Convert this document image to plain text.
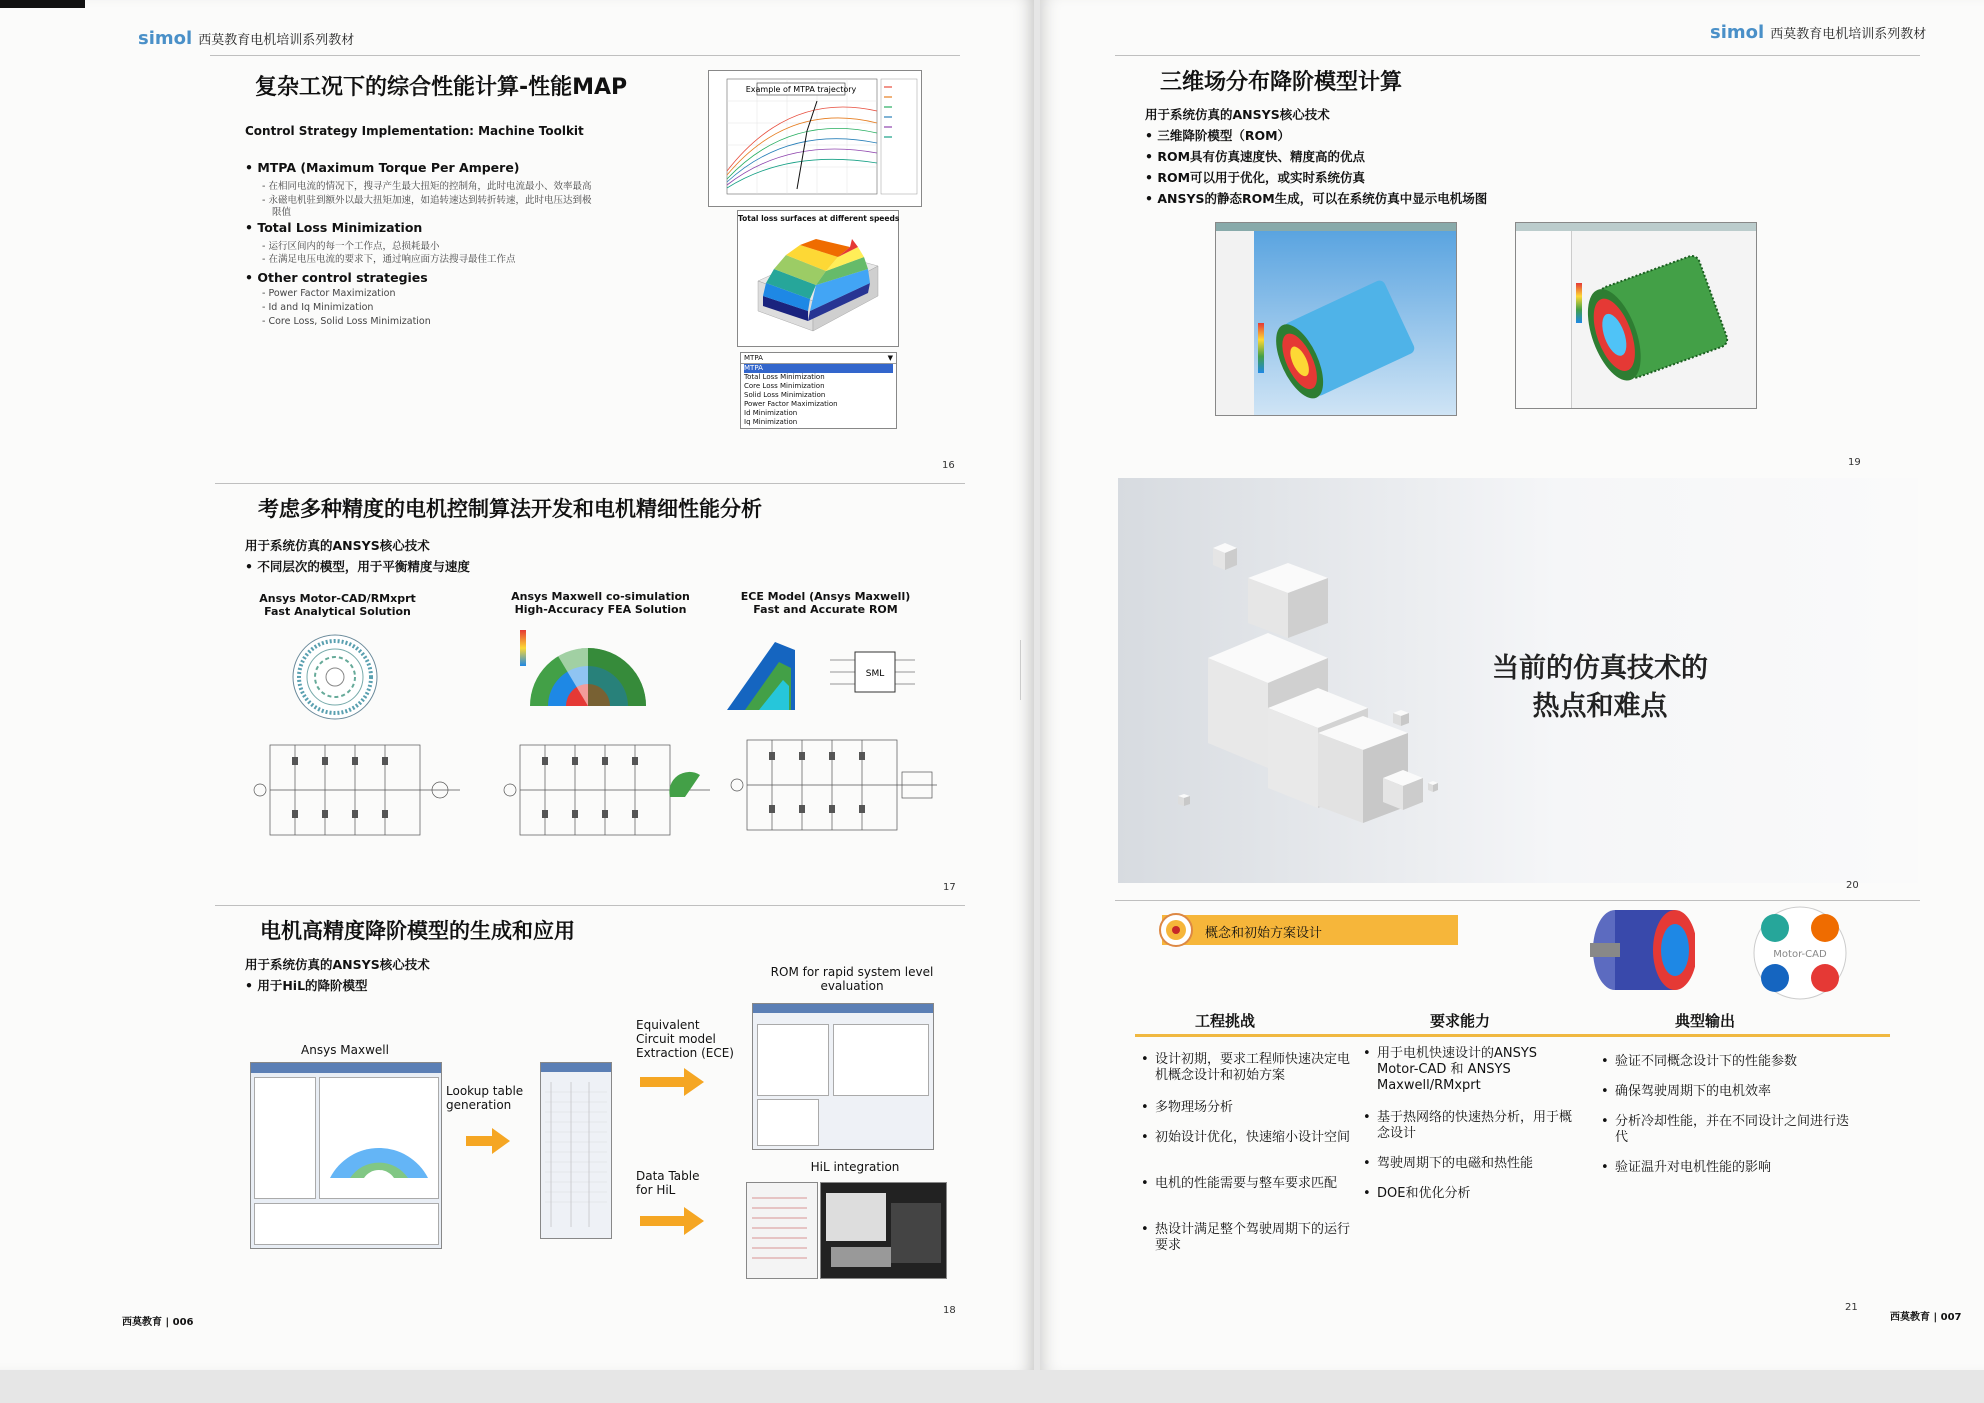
simol 西莫教育电机培训系列教材
复杂工况下的综合性能计算-性能MAP
Control Strategy Implementation: Machine Toolkit
• MTPA (Maximum Torque Per Ampere)
- 在相同电流的情况下，搜寻产生最大扭矩的控制角，此时电流最小、效率最高
- 永磁电机驻到额外以最大扭矩加速，如追转速达到转折转速，此时电压达到极
限值
• Total Loss Minimization
- 运行区间内的每一个工作点，总损耗最小
- 在满足电压电流的要求下，通过响应面方法搜寻最佳工作点
• Other control strategies
- Power Factor Maximization
- Id and Iq Minimization
- Core Loss, Solid Loss Minimization
Example of MTPA trajectory
Total loss surfaces at different speeds
MTPA	▼
MTPA
Total Loss Minimization
Core Loss Minimization
Solid Loss Minimization
Power Factor Maximization
Id Minimization
Iq Minimization
16
考虑多种精度的电机控制算法开发和电机精细性能分析
用于系统仿真的ANSYS核心技术
• 不同层次的模型，用于平衡精度与速度
Ansys Motor-CAD/RMxprt
Fast Analytical Solution
Ansys Maxwell co-simulation
High-Accuracy FEA Solution
ECE Model (Ansys Maxwell)
Fast and Accurate ROM
SML
17
电机高精度降阶模型的生成和应用
用于系统仿真的ANSYS核心技术
• 用于HiL的降阶模型
Ansys Maxwell
Lookup table
generation
Equivalent
Circuit model
Extraction (ECE)
ROM for rapid system level
evaluation
Data Table
for HiL
HiL integration
18
西莫教育 | 006
simol 西莫教育电机培训系列教材
三维场分布降阶模型计算
用于系统仿真的ANSYS核心技术
• 三维降阶模型（ROM）
• ROM具有仿真速度快、精度高的优点
• ROM可以用于优化，或实时系统仿真
• ANSYS的静态ROM生成，可以在系统仿真中显示电机场图
19
当前的仿真技术的
热点和难点
20
概念和初始方案设计
Motor-CAD
工程挑战	要求能力	典型输出
• 设计初期，要求工程师快速决定电机概念设计和初始方案
• 多物理场分析
• 初始设计优化，快速缩小设计空间
• 电机的性能需要与整车要求匹配
• 热设计满足整个驾驶周期下的运行要求
• 用于电机快速设计的ANSYS Motor-CAD 和 ANSYS Maxwell/RMxprt
• 基于热网络的快速热分析，用于概念设计
• 驾驶周期下的电磁和热性能
• DOE和优化分析
• 验证不同概念设计下的性能参数
• 确保驾驶周期下的电机效率
• 分析冷却性能，并在不同设计之间进行迭代
• 验证温升对电机性能的影响
21
西莫教育 | 007
